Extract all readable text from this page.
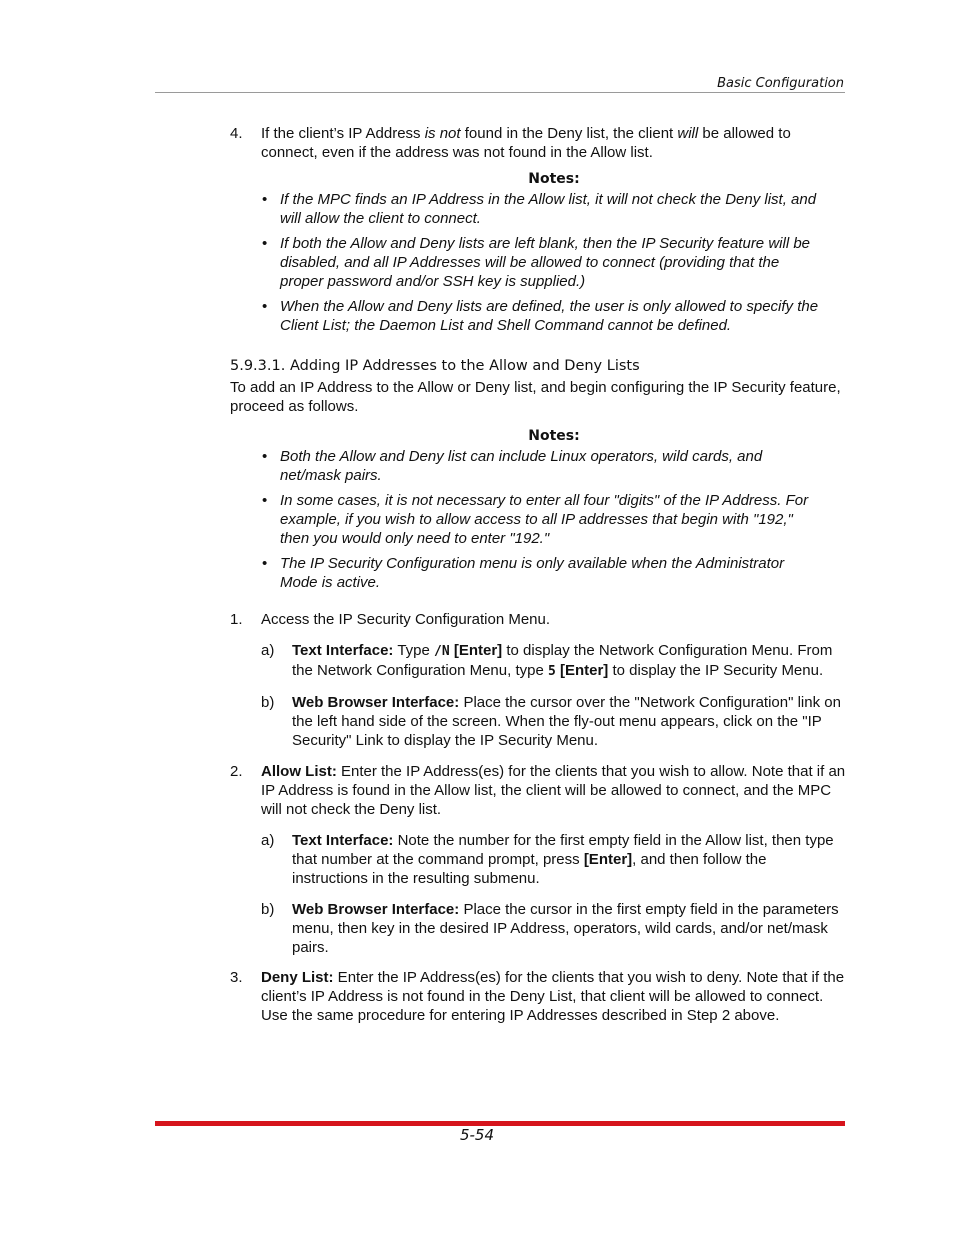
Basic Configuration
4. If the client’s IP Address is not found in the Deny list, the client will be allowed to connect, even if the address was not found in the Allow list.
Notes:
• If the MPC finds an IP Address in the Allow list, it will not check the Deny list, and will allow the client to connect.
• If both the Allow and Deny lists are left blank, then the IP Security feature will be disabled, and all IP Addresses will be allowed to connect (providing that the proper password and/or SSH key is supplied.)
• When the Allow and Deny lists are defined, the user is only allowed to specify the Client List; the Daemon List and Shell Command cannot be defined.
5.9.3.1. Adding IP Addresses to the Allow and Deny Lists

To add an IP Address to the Allow or Deny list, and begin configuring the IP Security feature, proceed as follows.

Notes:
• Both the Allow and Deny list can include Linux operators, wild cards, and net/mask pairs.
• In some cases, it is not necessary to enter all four "digits" of the IP Address. For example, if you wish to allow access to all IP addresses that begin with "192," then you would only need to enter "192."
• The IP Security Configuration menu is only available when the Administrator Mode is active.
1. Access the IP Security Configuration Menu.
a) Text Interface: Type /N [Enter] to display the Network Configuration Menu. From the Network Configuration Menu, type 5 [Enter] to display the IP Security Menu.
b) Web Browser Interface: Place the cursor over the "Network Configuration" link on the left hand side of the screen. When the fly-out menu appears, click on the "IP Security" Link to display the IP Security Menu.
2. Allow List: Enter the IP Address(es) for the clients that you wish to allow. Note that if an IP Address is found in the Allow list, the client will be allowed to connect, and the MPC will not check the Deny list.
a) Text Interface: Note the number for the first empty field in the Allow list, then type that number at the command prompt, press [Enter], and then follow the instructions in the resulting submenu.
b) Web Browser Interface: Place the cursor in the first empty field in the parameters menu, then key in the desired IP Address, operators, wild cards, and/or net/mask pairs.
3. Deny List: Enter the IP Address(es) for the clients that you wish to deny. Note that if the client’s IP Address is not found in the Deny List, that client will be allowed to connect. Use the same procedure for entering IP Addresses described in Step 2 above.
5-54
